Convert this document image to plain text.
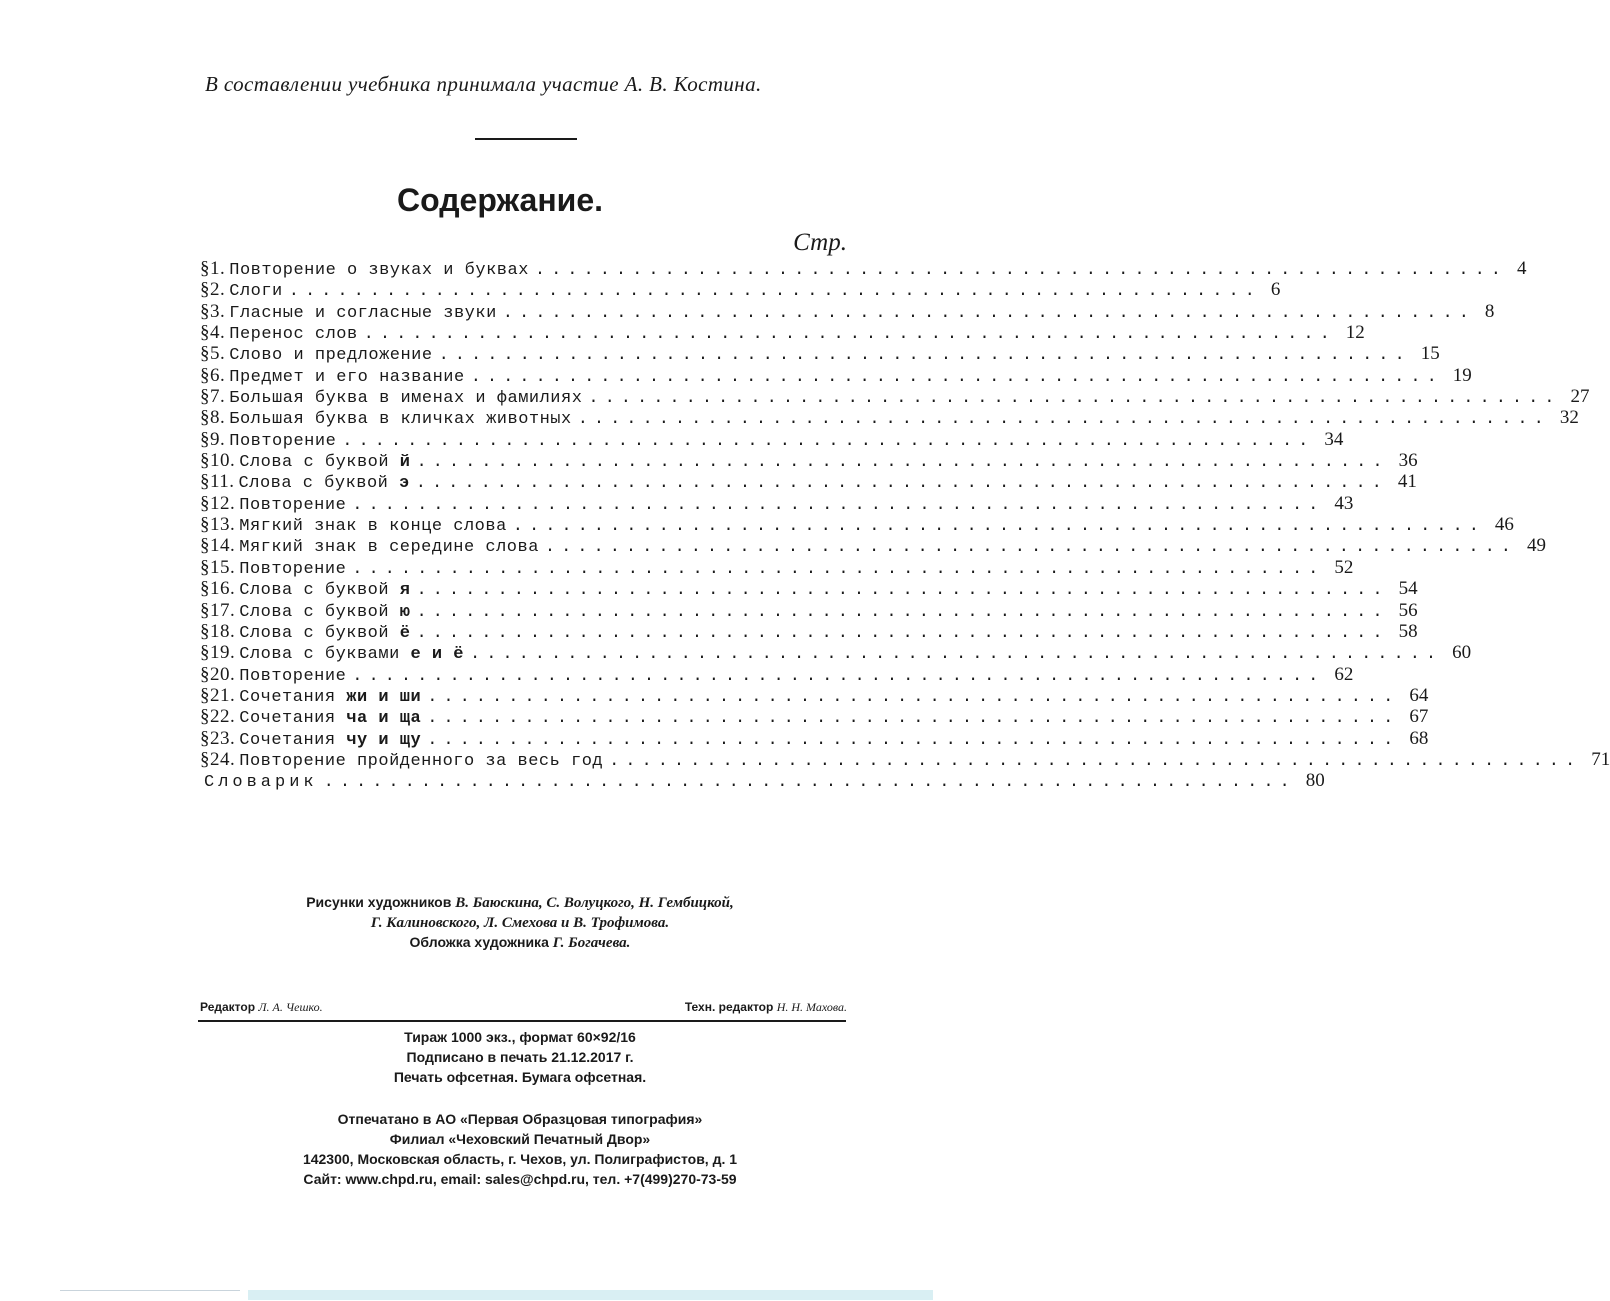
В составлении учебника принимала участие А. В. Костина.
Содержание.
Стр.
§ 1. Повторение о звуках и буквах ............................................................ 4
§ 2. Слоги ............................................................ 6
§ 3. Гласные и согласные звуки ............................................................ 8
§ 4. Перенос слов ............................................................ 12
§ 5. Слово и предложение ............................................................ 15
§ 6. Предмет и его название ............................................................ 19
§ 7. Большая буква в именах и фамилиях ............................................................ 27
§ 8. Большая буква в кличках животных ............................................................ 32
§ 9. Повторение ............................................................ 34
§ 10. Слова с буквой й ............................................................ 36
§ 11. Слова с буквой э ............................................................ 41
§ 12. Повторение ............................................................ 43
§ 13. Мягкий знак в конце слова ............................................................ 46
§ 14. Мягкий знак в середине слова ............................................................ 49
§ 15. Повторение ............................................................ 52
§ 16. Слова с буквой я ............................................................ 54
§ 17. Слова с буквой ю ............................................................ 56
§ 18. Слова с буквой ё ............................................................ 58
§ 19. Слова с буквами е и ё ............................................................ 60
§ 20. Повторение ............................................................ 62
§ 21. Сочетания жи и ши ............................................................ 64
§ 22. Сочетания ча и ща ............................................................ 67
§ 23. Сочетания чу и щу ............................................................ 68
§ 24. Повторение пройденного за весь год ............................................................ 71
Словарик ............................................................ 80
Рисунки художников В. Баюскина, С. Волуцкого, Н. Гембицкой,
Г. Калиновского, Л. Смехова и В. Трофимова.
Обложка художника Г. Богачева.
Редактор Л. А. Чешко.	Техн. редактор Н. Н. Махова.
Тираж 1000 экз., формат 60×92/16
Подписано в печать 21.12.2017 г.
Печать офсетная. Бумага офсетная.
Отпечатано в АО «Первая Образцовая типография»
Филиал «Чеховский Печатный Двор»
142300, Московская область, г. Чехов, ул. Полиграфистов, д. 1
Сайт: www.chpd.ru, email: sales@chpd.ru, тел. +7(499)270-73-59
